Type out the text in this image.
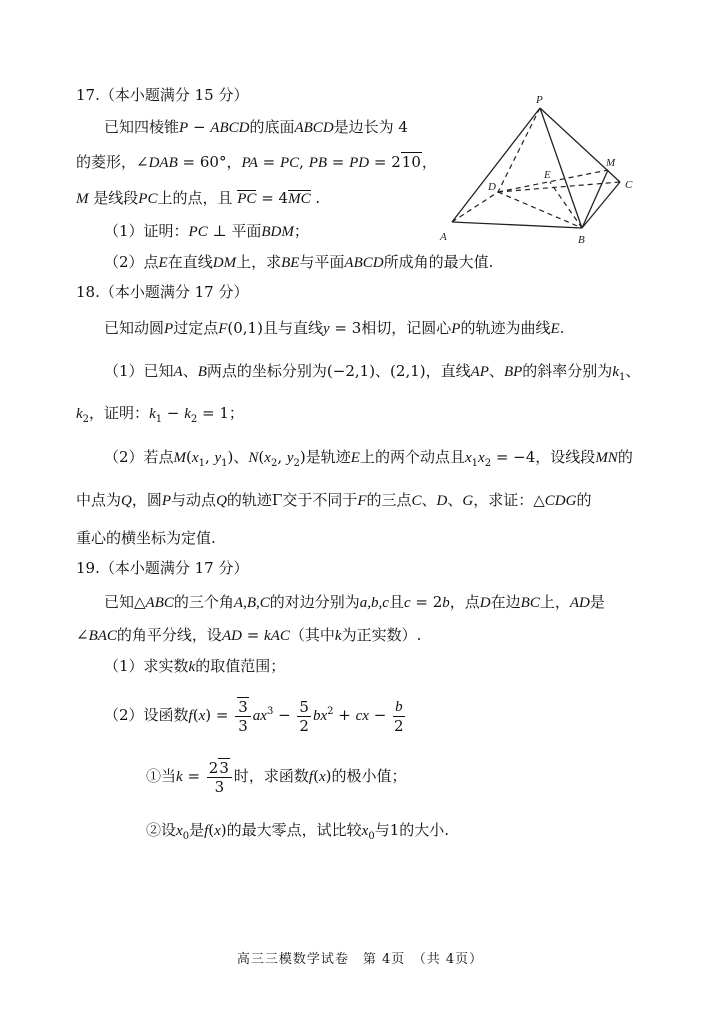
17.（本小题满分 15 分）
已知四棱锥P − ABCD的底面ABCD是边长为 4
的菱形，∠DAB = 60°，PA = PC, PB = PD = 210，
M 是线段PC上的点，且 PC = 4MC .
（1）证明：PC ⊥ 平面BDM；
（2）点E在直线DM上，求BE与平面ABCD所成角的最大值.
P
M
E
D	C
A	B
18.（本小题满分 17 分）
已知动圆P过定点F(0,1)且与直线y = 3相切，记圆心P的轨迹为曲线E.
（1）已知A、B两点的坐标分别为(−2,1)、(2,1)，直线AP、BP的斜率分别为$k_1$、
$k_2$，证明：$k_1 - k_2 = 1$；
（2）若点$M(x_1$, $y_1$)、$N(x_2$, $y_2$)是轨迹E上的两个动点且$x_1x_2 = -4$，设线段MN的
中点为Q，圆P与动点Q的轨迹Γ交于不同于F的三点C、D、G，求证：△CDG的
重心的横坐标为定值.
19.（本小题满分 17 分）
已知△ABC的三个角A,B,C的对边分别为a,b,c且c = 2b，点D在边BC上，AD是
∠BAC的角平分线，设AD = kAC（其中k为正实数）.
（1）求实数k的取值范围；
（2）设函数$f(x) = \frac{3}{3} ax^3 - \frac{5}{2} bx^2$ + cx − $\frac{b}{2}$
①当$k = \frac{23}{3}$ 时，求函数f(x)的极小值；
②设$x_0$是f(x)的最大零点，试比较$x_0$与1的大小.
高三三模数学试卷　第 4页　（共 4页）
